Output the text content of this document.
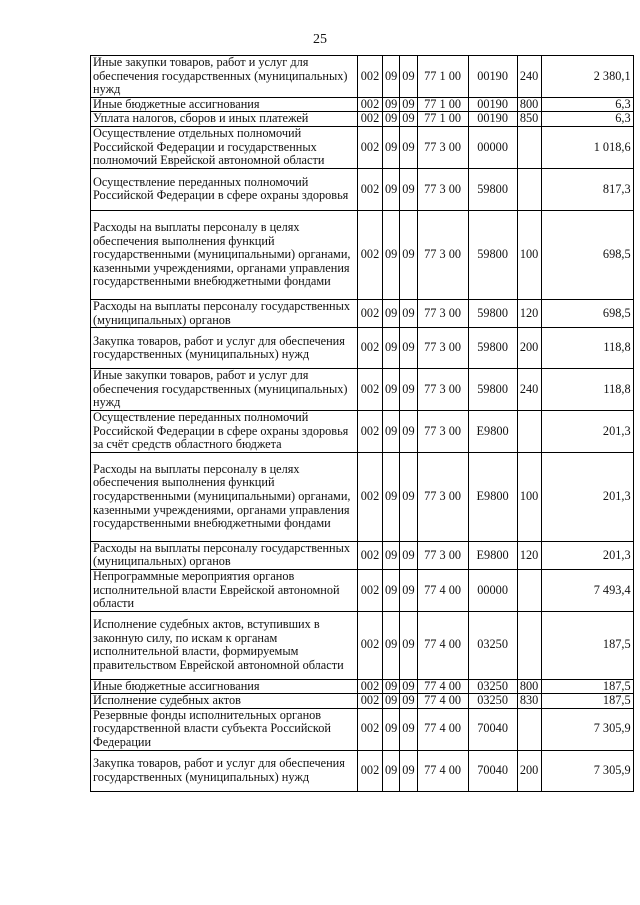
25
Иные закупки товаров, работ и услуг для обеспечения государственных (муниципальных) нужд	002	09	09	77 1 00	00190	240	2 380,1
Иные бюджетные ассигнования	002	09	09	77 1 00	00190	800	6,3
Уплата налогов, сборов и иных платежей	002	09	09	77 1 00	00190	850	6,3
Осуществление отдельных полномочий Российской Федерации и государственных полномочий Еврейской автономной области	002	09	09	77 3 00	00000		1 018,6
Осуществление переданных полномочий Российской Федерации в сфере охраны здоровья	002	09	09	77 3 00	59800		817,3
Расходы на выплаты персоналу в целях обеспечения выполнения функций государственными (муниципальными) органами, казенными учреждениями, органами управления государственными внебюджетными фондами	002	09	09	77 3 00	59800	100	698,5
Расходы на выплаты персоналу государственных (муниципальных) органов	002	09	09	77 3 00	59800	120	698,5
Закупка товаров, работ и услуг для обеспечения государственных (муниципальных) нужд	002	09	09	77 3 00	59800	200	118,8
Иные закупки товаров, работ и услуг для обеспечения государственных (муниципальных) нужд	002	09	09	77 3 00	59800	240	118,8
Осуществление переданных полномочий Российской Федерации в сфере охраны здоровья за счёт средств областного бюджета	002	09	09	77 3 00	E9800		201,3
Расходы на выплаты персоналу в целях обеспечения выполнения функций государственными (муниципальными) органами, казенными учреждениями, органами управления государственными внебюджетными фондами	002	09	09	77 3 00	E9800	100	201,3
Расходы на выплаты персоналу государственных (муниципальных) органов	002	09	09	77 3 00	E9800	120	201,3
Непрограммные мероприятия органов исполнительной власти Еврейской автономной области	002	09	09	77 4 00	00000		7 493,4
Исполнение судебных актов, вступивших в законную силу, по искам к органам исполнительной власти, формируемым правительством Еврейской автономной области	002	09	09	77 4 00	03250		187,5
Иные бюджетные ассигнования	002	09	09	77 4 00	03250	800	187,5
Исполнение судебных актов	002	09	09	77 4 00	03250	830	187,5
Резервные фонды исполнительных органов государственной власти субъекта Российской Федерации	002	09	09	77 4 00	70040		7 305,9
Закупка товаров, работ и услуг для обеспечения государственных (муниципальных) нужд	002	09	09	77 4 00	70040	200	7 305,9
